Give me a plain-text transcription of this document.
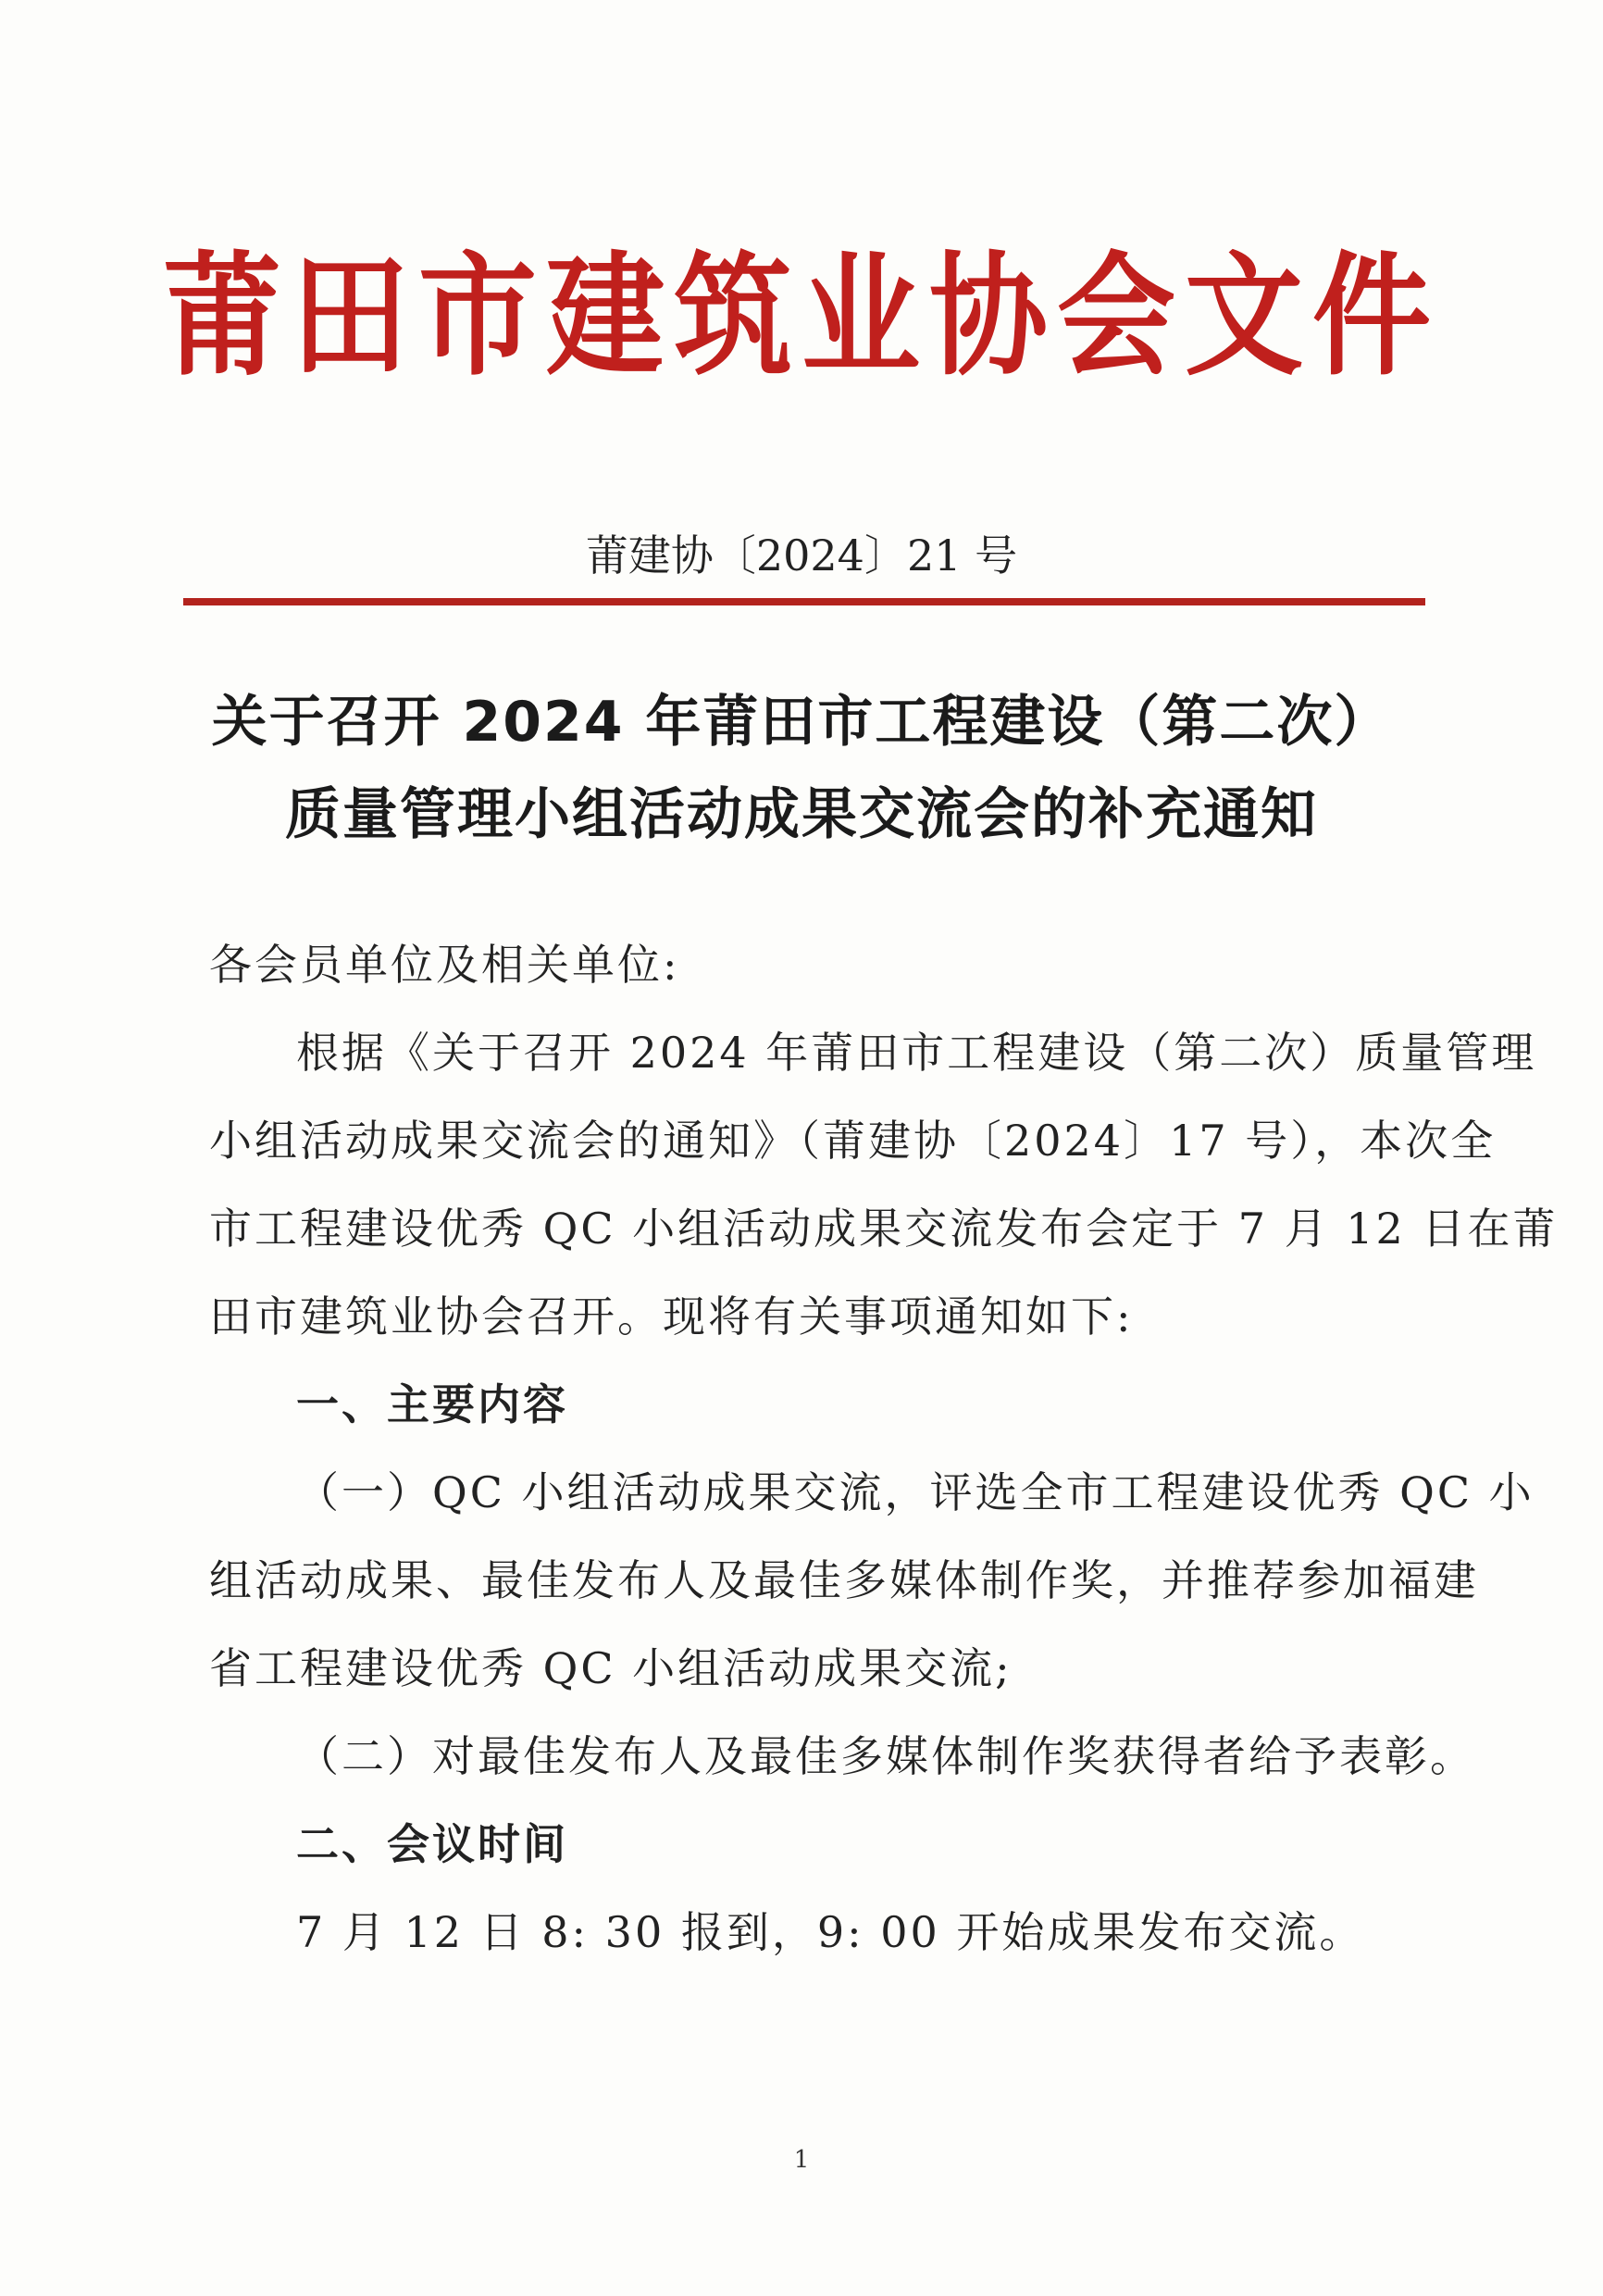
莆田市建筑业协会文件
莆建协〔2024〕21 号
关于召开 2024 年莆田市工程建设（第二次）
质量管理小组活动成果交流会的补充通知
各会员单位及相关单位:
根据《关于召开 2024 年莆田市工程建设（第二次）质量管理
小组活动成果交流会的通知》（莆建协〔2024〕17 号），本次全
市工程建设优秀 QC 小组活动成果交流发布会定于 7 月 12 日在莆
田市建筑业协会召开。现将有关事项通知如下:
一、主要内容
（一）QC 小组活动成果交流，评选全市工程建设优秀 QC 小
组活动成果、最佳发布人及最佳多媒体制作奖，并推荐参加福建
省工程建设优秀 QC 小组活动成果交流;
（二）对最佳发布人及最佳多媒体制作奖获得者给予表彰。
二、会议时间
7 月 12 日 8: 30 报到，9: 00 开始成果发布交流。
1
